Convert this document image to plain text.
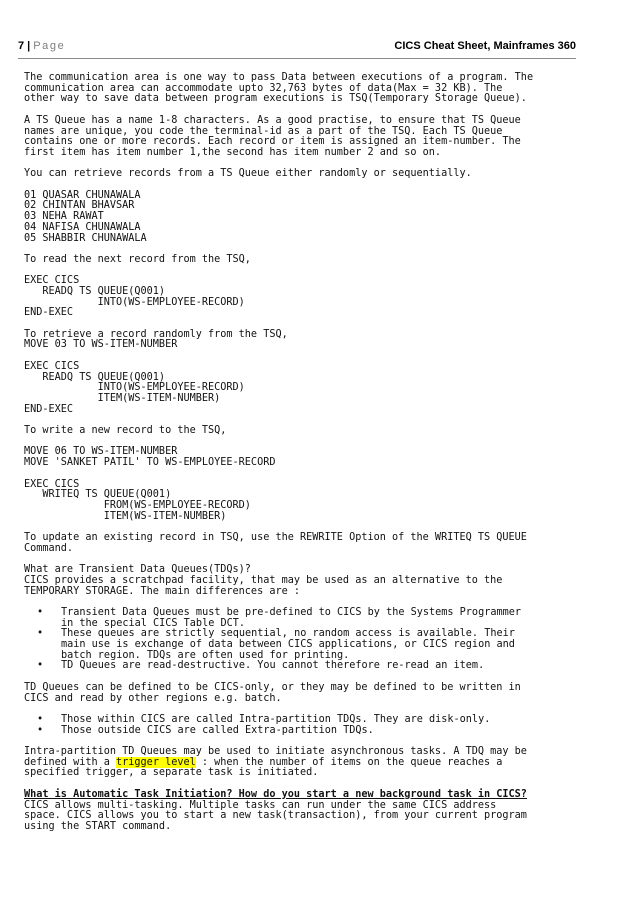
7 | Page	CICS Cheat Sheet, Mainframes 360
The communication area is one way to pass Data between executions of a program. The
communication area can accommodate upto 32,763 bytes of data(Max = 32 KB). The
other way to save data between program executions is TSQ(Temporary Storage Queue).
A TS Queue has a name 1-8 characters. As a good practise, to ensure that TS Queue
names are unique, you code the terminal-id as a part of the TSQ. Each TS Queue
contains one or more records. Each record or item is assigned an item-number. The
first item has item number 1,the second has item number 2 and so on.
You can retrieve records from a TS Queue either randomly or sequentially.
01 QUASAR CHUNAWALA
02 CHINTAN BHAVSAR
03 NEHA RAWAT
04 NAFISA CHUNAWALA
05 SHABBIR CHUNAWALA
To read the next record from the TSQ,
EXEC CICS
READQ TS QUEUE(Q001)
INTO(WS-EMPLOYEE-RECORD)
END-EXEC
To retrieve a record randomly from the TSQ,
MOVE 03 TO WS-ITEM-NUMBER
EXEC CICS
READQ TS QUEUE(Q001)
INTO(WS-EMPLOYEE-RECORD)
ITEM(WS-ITEM-NUMBER)
END-EXEC
To write a new record to the TSQ,
MOVE 06 TO WS-ITEM-NUMBER
MOVE 'SANKET PATIL' TO WS-EMPLOYEE-RECORD
EXEC CICS
WRITEQ TS QUEUE(Q001)
FROM(WS-EMPLOYEE-RECORD)
ITEM(WS-ITEM-NUMBER)
To update an existing record in TSQ, use the REWRITE Option of the WRITEQ TS QUEUE
Command.
What are Transient Data Queues(TDQs)?
CICS provides a scratchpad facility, that may be used as an alternative to the
TEMPORARY STORAGE. The main differences are :
• Transient Data Queues must be pre-defined to CICS by the Systems Programmer
in the special CICS Table DCT.
• These queues are strictly sequential, no random access is available. Their
main use is exchange of data between CICS applications, or CICS region and
batch region. TDQs are often used for printing.
• TD Queues are read-destructive. You cannot therefore re-read an item.
TD Queues can be defined to be CICS-only, or they may be defined to be written in
CICS and read by other regions e.g. batch.
• Those within CICS are called Intra-partition TDQs. They are disk-only.
• Those outside CICS are called Extra-partition TDQs.
Intra-partition TD Queues may be used to initiate asynchronous tasks. A TDQ may be
defined with a trigger level : when the number of items on the queue reaches a
specified trigger, a separate task is initiated.
What is Automatic Task Initiation? How do you start a new background task in CICS?
CICS allows multi-tasking. Multiple tasks can run under the same CICS address
space. CICS allows you to start a new task(transaction), from your current program
using the START command.
